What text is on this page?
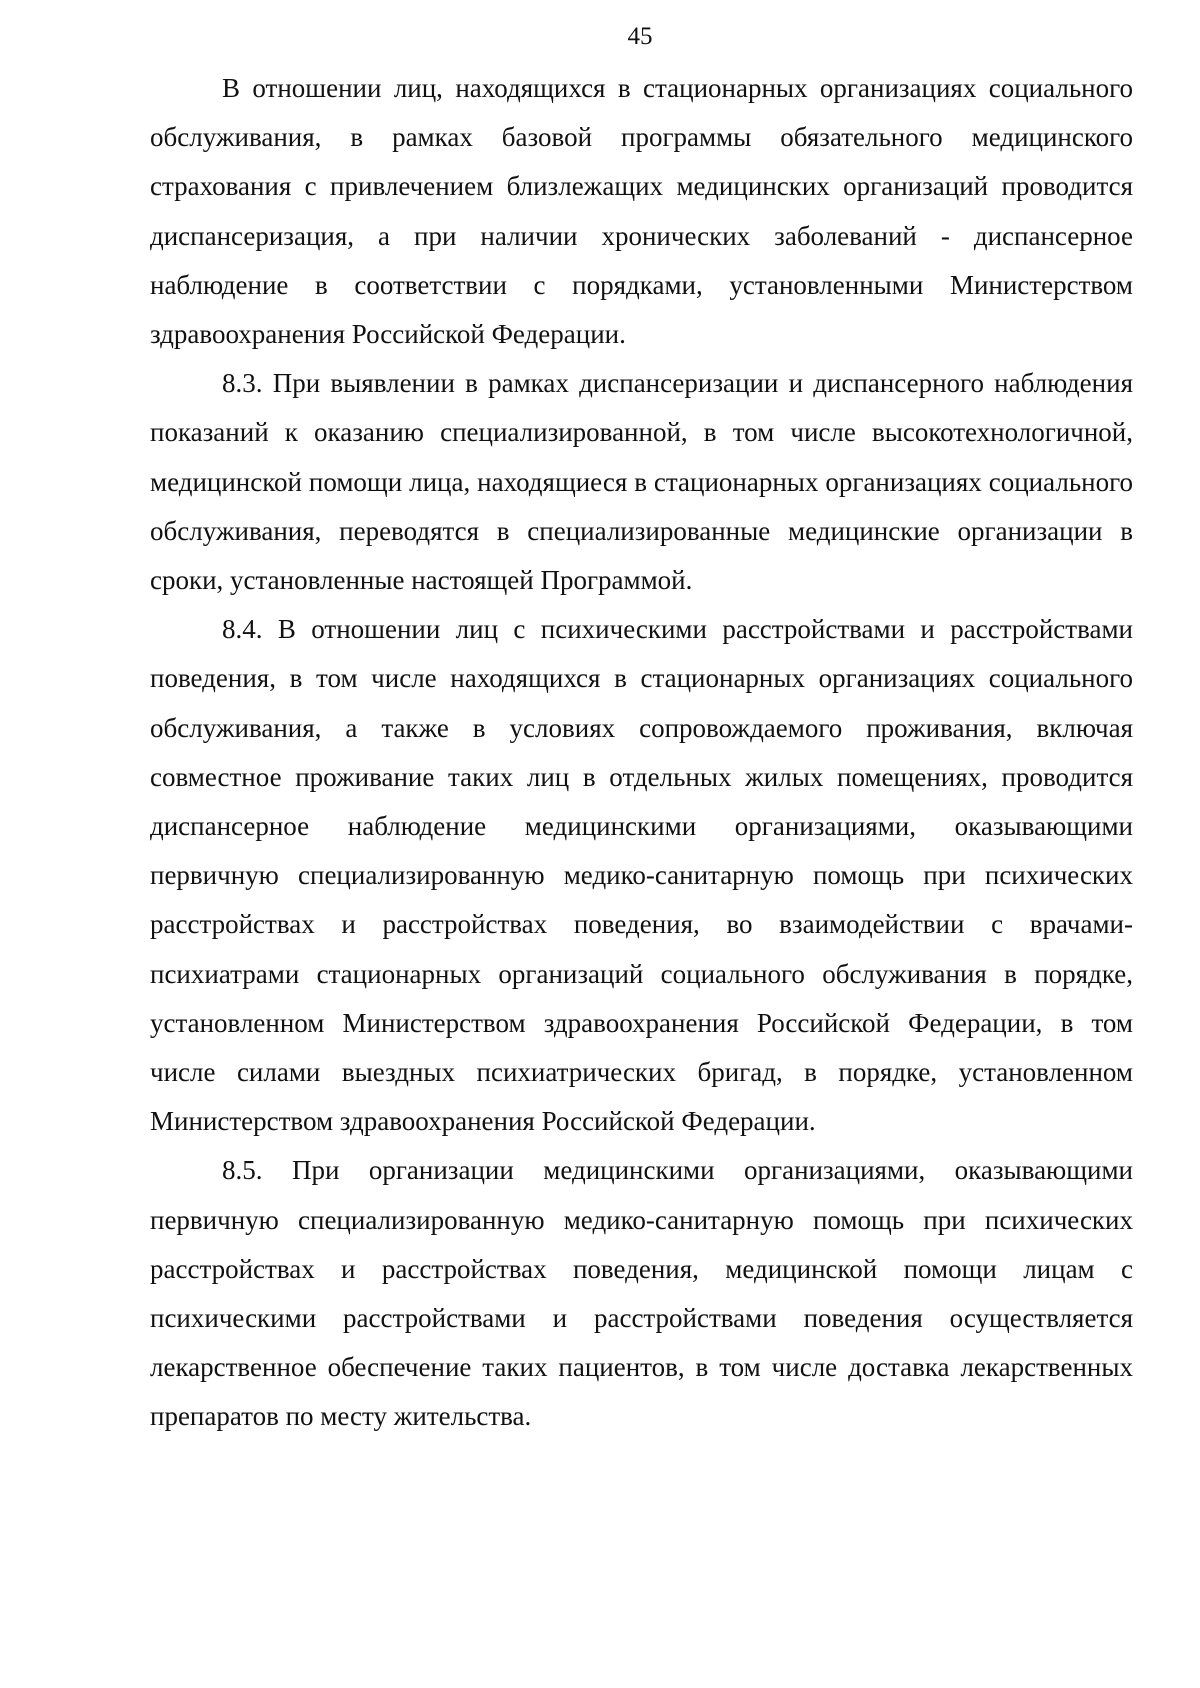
45

В отношении лиц, находящихся в стационарных организациях социального обслуживания, в рамках базовой программы обязательного медицинского страхования с привлечением близлежащих медицинских организаций проводится диспансеризация, а при наличии хронических заболеваний - диспансерное наблюдение в соответствии с порядками, установленными Министерством здравоохранения Российской Федерации.

8.3. При выявлении в рамках диспансеризации и диспансерного наблюдения показаний к оказанию специализированной, в том числе высокотехнологичной, медицинской помощи лица, находящиеся в стационарных организациях социального обслуживания, переводятся в специализированные медицинские организации в сроки, установленные настоящей Программой.

8.4. В отношении лиц с психическими расстройствами и расстройствами поведения, в том числе находящихся в стационарных организациях социального обслуживания, а также в условиях сопровождаемого проживания, включая совместное проживание таких лиц в отдельных жилых помещениях, проводится диспансерное наблюдение медицинскими организациями, оказывающими первичную специализированную медико-санитарную помощь при психических расстройствах и расстройствах поведения, во взаимодействии с врачами-психиатрами стационарных организаций социального обслуживания в порядке, установленном Министерством здравоохранения Российской Федерации, в том числе силами выездных психиатрических бригад, в порядке, установленном Министерством здравоохранения Российской Федерации.

8.5. При организации медицинскими организациями, оказывающими первичную специализированную медико-санитарную помощь при психических расстройствах и расстройствах поведения, медицинской помощи лицам с психическими расстройствами и расстройствами поведения осуществляется лекарственное обеспечение таких пациентов, в том числе доставка лекарственных препаратов по месту жительства.
